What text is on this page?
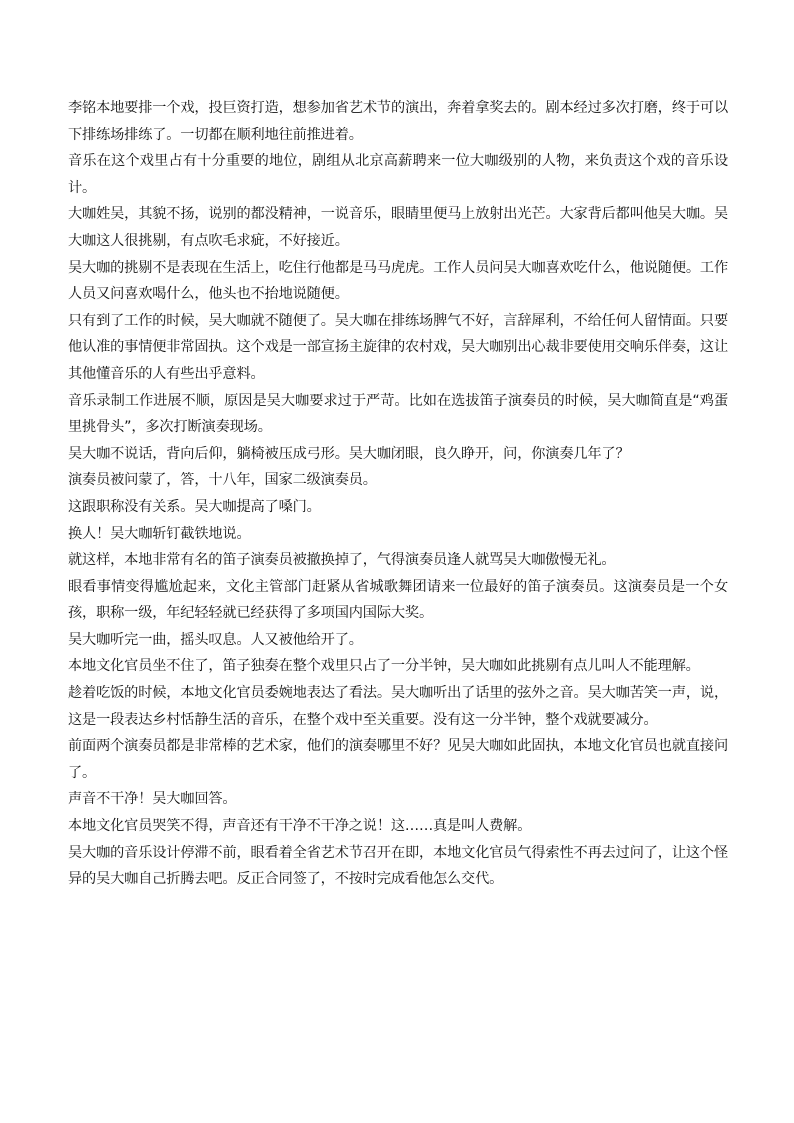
李铭本地要排一个戏，投巨资打造，想参加省艺术节的演出，奔着拿奖去的。剧本经过多次打磨，终于可以下排练场排练了。一切都在顺利地往前推进着。

音乐在这个戏里占有十分重要的地位，剧组从北京高薪聘来一位大咖级别的人物，来负责这个戏的音乐设计。

大咖姓吴，其貌不扬，说别的都没精神，一说音乐，眼睛里便马上放射出光芒。大家背后都叫他吴大咖。吴大咖这人很挑剔，有点吹毛求疵，不好接近。

吴大咖的挑剔不是表现在生活上，吃住行他都是马马虎虎。工作人员问吴大咖喜欢吃什么，他说随便。工作人员又问喜欢喝什么，他头也不抬地说随便。

只有到了工作的时候，吴大咖就不随便了。吴大咖在排练场脾气不好，言辞犀利，不给任何人留情面。只要他认准的事情便非常固执。这个戏是一部宣扬主旋律的农村戏，吴大咖别出心裁非要使用交响乐伴奏，这让其他懂音乐的人有些出乎意料。

音乐录制工作进展不顺，原因是吴大咖要求过于严苛。比如在选拔笛子演奏员的时候，吴大咖简直是“鸡蛋里挑骨头”，多次打断演奏现场。

吴大咖不说话，背向后仰，躺椅被压成弓形。吴大咖闭眼，良久睁开，问，你演奏几年了？

演奏员被问蒙了，答，十八年，国家二级演奏员。

这跟职称没有关系。吴大咖提高了嗓门。

换人！吴大咖斩钉截铁地说。

就这样，本地非常有名的笛子演奏员被撤换掉了，气得演奏员逢人就骂吴大咖傲慢无礼。

眼看事情变得尴尬起来，文化主管部门赶紧从省城歌舞团请来一位最好的笛子演奏员。这演奏员是一个女孩，职称一级，年纪轻轻就已经获得了多项国内国际大奖。

吴大咖听完一曲，摇头叹息。人又被他给开了。

本地文化官员坐不住了，笛子独奏在整个戏里只占了一分半钟，吴大咖如此挑剔有点儿叫人不能理解。

趁着吃饭的时候，本地文化官员委婉地表达了看法。吴大咖听出了话里的弦外之音。吴大咖苦笑一声，说，这是一段表达乡村恬静生活的音乐，在整个戏中至关重要。没有这一分半钟，整个戏就要减分。

前面两个演奏员都是非常棒的艺术家，他们的演奏哪里不好？见吴大咖如此固执，本地文化官员也就直接问了。

声音不干净！吴大咖回答。

本地文化官员哭笑不得，声音还有干净不干净之说！这……真是叫人费解。

吴大咖的音乐设计停滞不前，眼看着全省艺术节召开在即，本地文化官员气得索性不再去过问了，让这个怪异的吴大咖自己折腾去吧。反正合同签了，不按时完成看他怎么交代。
